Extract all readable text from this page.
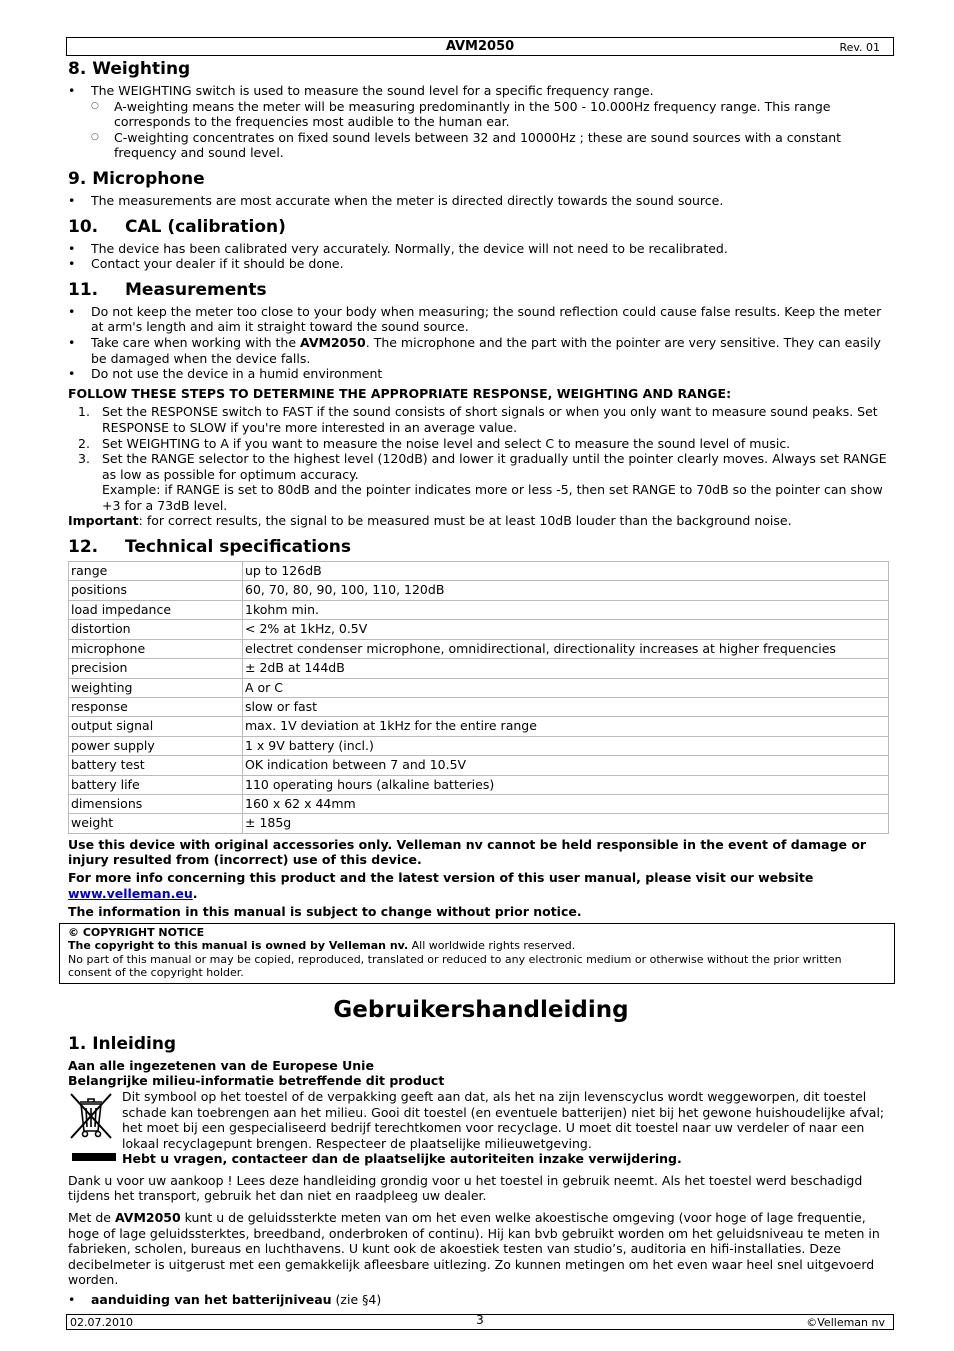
AVM2050	Rev. 01
8. Weighting
• The WEIGHTING switch is used to measure the sound level for a specific frequency range.
○ A-weighting means the meter will be measuring predominantly in the 500 - 10.000Hz frequency range. This range corresponds to the frequencies most audible to the human ear.
○ C-weighting concentrates on fixed sound levels between 32 and 10000Hz ; these are sound sources with a constant frequency and sound level.
9. Microphone
• The measurements are most accurate when the meter is directed directly towards the sound source.
10. CAL (calibration)
• The device has been calibrated very accurately. Normally, the device will not need to be recalibrated.
• Contact your dealer if it should be done.
11. Measurements
• Do not keep the meter too close to your body when measuring; the sound reflection could cause false results. Keep the meter at arm's length and aim it straight toward the sound source.
• Take care when working with the AVM2050. The microphone and the part with the pointer are very sensitive. They can easily be damaged when the device falls.
• Do not use the device in a humid environment

FOLLOW THESE STEPS TO DETERMINE THE APPROPRIATE RESPONSE, WEIGHTING AND RANGE:

1. Set the RESPONSE switch to FAST if the sound consists of short signals or when you only want to measure sound peaks. Set RESPONSE to SLOW if you're more interested in an average value.
2. Set WEIGHTING to A if you want to measure the noise level and select C to measure the sound level of music.
3. Set the RANGE selector to the highest level (120dB) and lower it gradually until the pointer clearly moves. Always set RANGE as low as possible for optimum accuracy.
Example: if RANGE is set to 80dB and the pointer indicates more or less -5, then set RANGE to 70dB so the pointer can show +3 for a 73dB level.

Important: for correct results, the signal to be measured must be at least 10dB louder than the background noise.

12. Technical specifications
range	up to 126dB
positions	60, 70, 80, 90, 100, 110, 120dB
load impedance	1kohm min.
distortion	< 2% at 1kHz, 0.5V
microphone	electret condenser microphone, omnidirectional, directionality increases at higher frequencies
precision	± 2dB at 144dB
weighting	A or C
response	slow or fast
output signal	max. 1V deviation at 1kHz for the entire range
power supply	1 x 9V battery (incl.)
battery test	OK indication between 7 and 10.5V
battery life	110 operating hours (alkaline batteries)
dimensions	160 x 62 x 44mm
weight	± 185g

Use this device with original accessories only. Velleman nv cannot be held responsible in the event of damage or injury resulted from (incorrect) use of this device.

For more info concerning this product and the latest version of this user manual, please visit our website
www.velleman.eu.

The information in this manual is subject to change without prior notice.

© COPYRIGHT NOTICE
The copyright to this manual is owned by Velleman nv. All worldwide rights reserved.
No part of this manual or may be copied, reproduced, translated or reduced to any electronic medium or otherwise without the prior written consent of the copyright holder.
Gebruikershandleiding
1. Inleiding

Aan alle ingezetenen van de Europese Unie

Belangrijke milieu-informatie betreffende dit product

Dit symbool op het toestel of de verpakking geeft aan dat, als het na zijn levenscyclus wordt weggeworpen, dit toestel schade kan toebrengen aan het milieu. Gooi dit toestel (en eventuele batterijen) niet bij het gewone huishoudelijke afval; het moet bij een gespecialiseerd bedrijf terechtkomen voor recyclage. U moet dit toestel naar uw verdeler of naar een lokaal recyclagepunt brengen. Respecteer de plaatselijke milieuwetgeving.
Hebt u vragen, contacteer dan de plaatselijke autoriteiten inzake verwijdering.

Dank u voor uw aankoop ! Lees deze handleiding grondig voor u het toestel in gebruik neemt. Als het toestel werd beschadigd tijdens het transport, gebruik het dan niet en raadpleeg uw dealer.

Met de AVM2050 kunt u de geluidssterkte meten van om het even welke akoestische omgeving (voor hoge of lage frequentie, hoge of lage geluidssterktes, breedband, onderbroken of continu). Hij kan bvb gebruikt worden om het geluidsniveau te meten in fabrieken, scholen, bureaus en luchthavens. U kunt ook de akoestiek testen van studio’s, auditoria en hifi-installaties. Deze decibelmeter is uitgerust met een gemakkelijk afleesbare uitlezing. Zo kunnen metingen om het even waar heel snel uitgevoerd worden.

• aanduiding van het batterijniveau (zie §4)
02.07.2010	3	©Velleman nv
